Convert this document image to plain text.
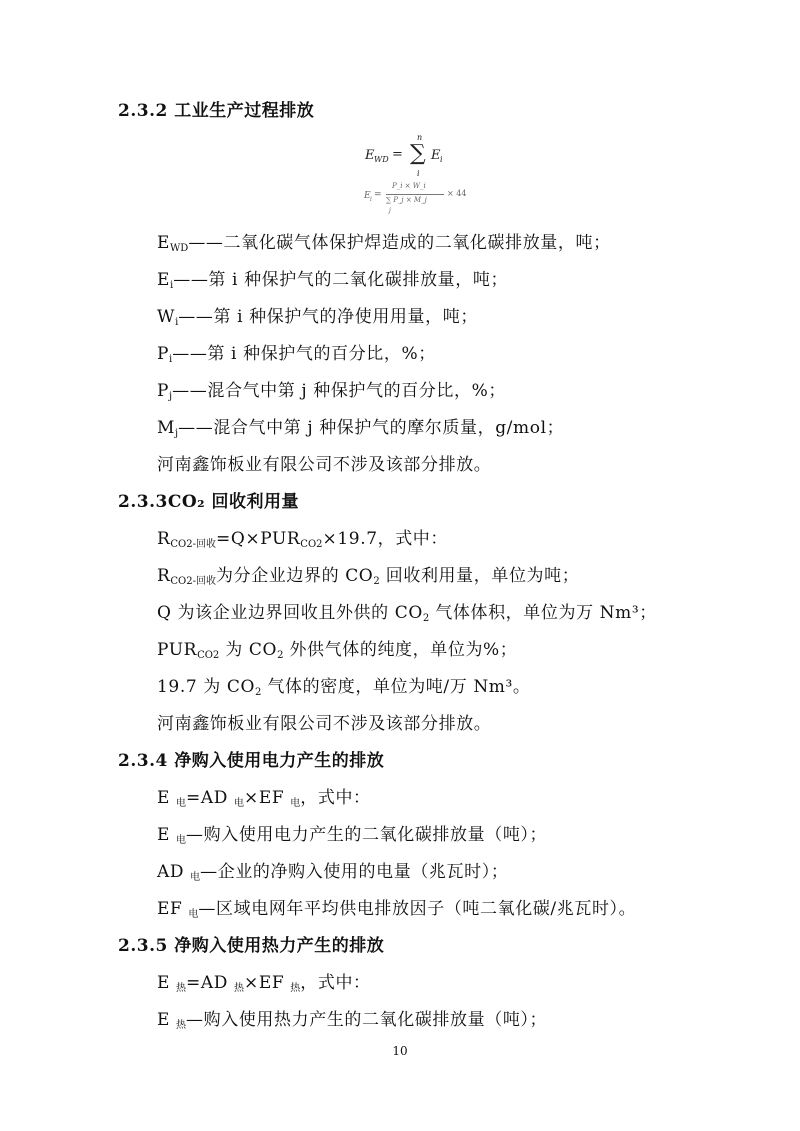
2.3.2 工业生产过程排放
E WD =
n
∑
i
E i
E i =
P_i × W_i
∑ P_j × M_j
j
× 44
$E_{WD}——$二氧化碳气体保护焊造成的二氧化碳排放量，吨；
$E_i——$第 i 种保护气的二氧化碳排放量，吨；
$W_i——$第 i 种保护气的净使用用量，吨；
$P_i——$第 i 种保护气的百分比，%；
$P_j——$混合气中第 j 种保护气的百分比，%；
$M_j——$混合气中第 j 种保护气的摩尔质量，g/mol；
河南鑫饰板业有限公司不涉及该部分排放。
2.3.3CO₂ 回收利用量
$R_{CO2-回收}=Q\times PUR_{CO2}\times 19.7$，式中：
$R_{CO2-回收}$为分企业边界的 $CO_2$ 回收利用量，单位为吨；
Q 为该企业边界回收且外供的 $CO_2$ 气体体积，单位为万 Nm³；
$PUR_{CO2}$ 为 $CO_2$ 外供气体的纯度，单位为%；
19.7 为 $CO_2$ 气体的密度，单位为吨/万 Nm³。
河南鑫饰板业有限公司不涉及该部分排放。
2.3.4 净购入使用电力产生的排放
E $_电$=AD $_电$×EF $_电$，式中：
E $_电$—购入使用电力产生的二氧化碳排放量（吨）；
AD $_电$—企业的净购入使用的电量（兆瓦时）；
EF $_电$—区域电网年平均供电排放因子（吨二氧化碳/兆瓦时）。
2.3.5 净购入使用热力产生的排放
E $_热$=AD $_热$×EF $_热$，式中：
E $_热$—购入使用热力产生的二氧化碳排放量（吨）；
10
